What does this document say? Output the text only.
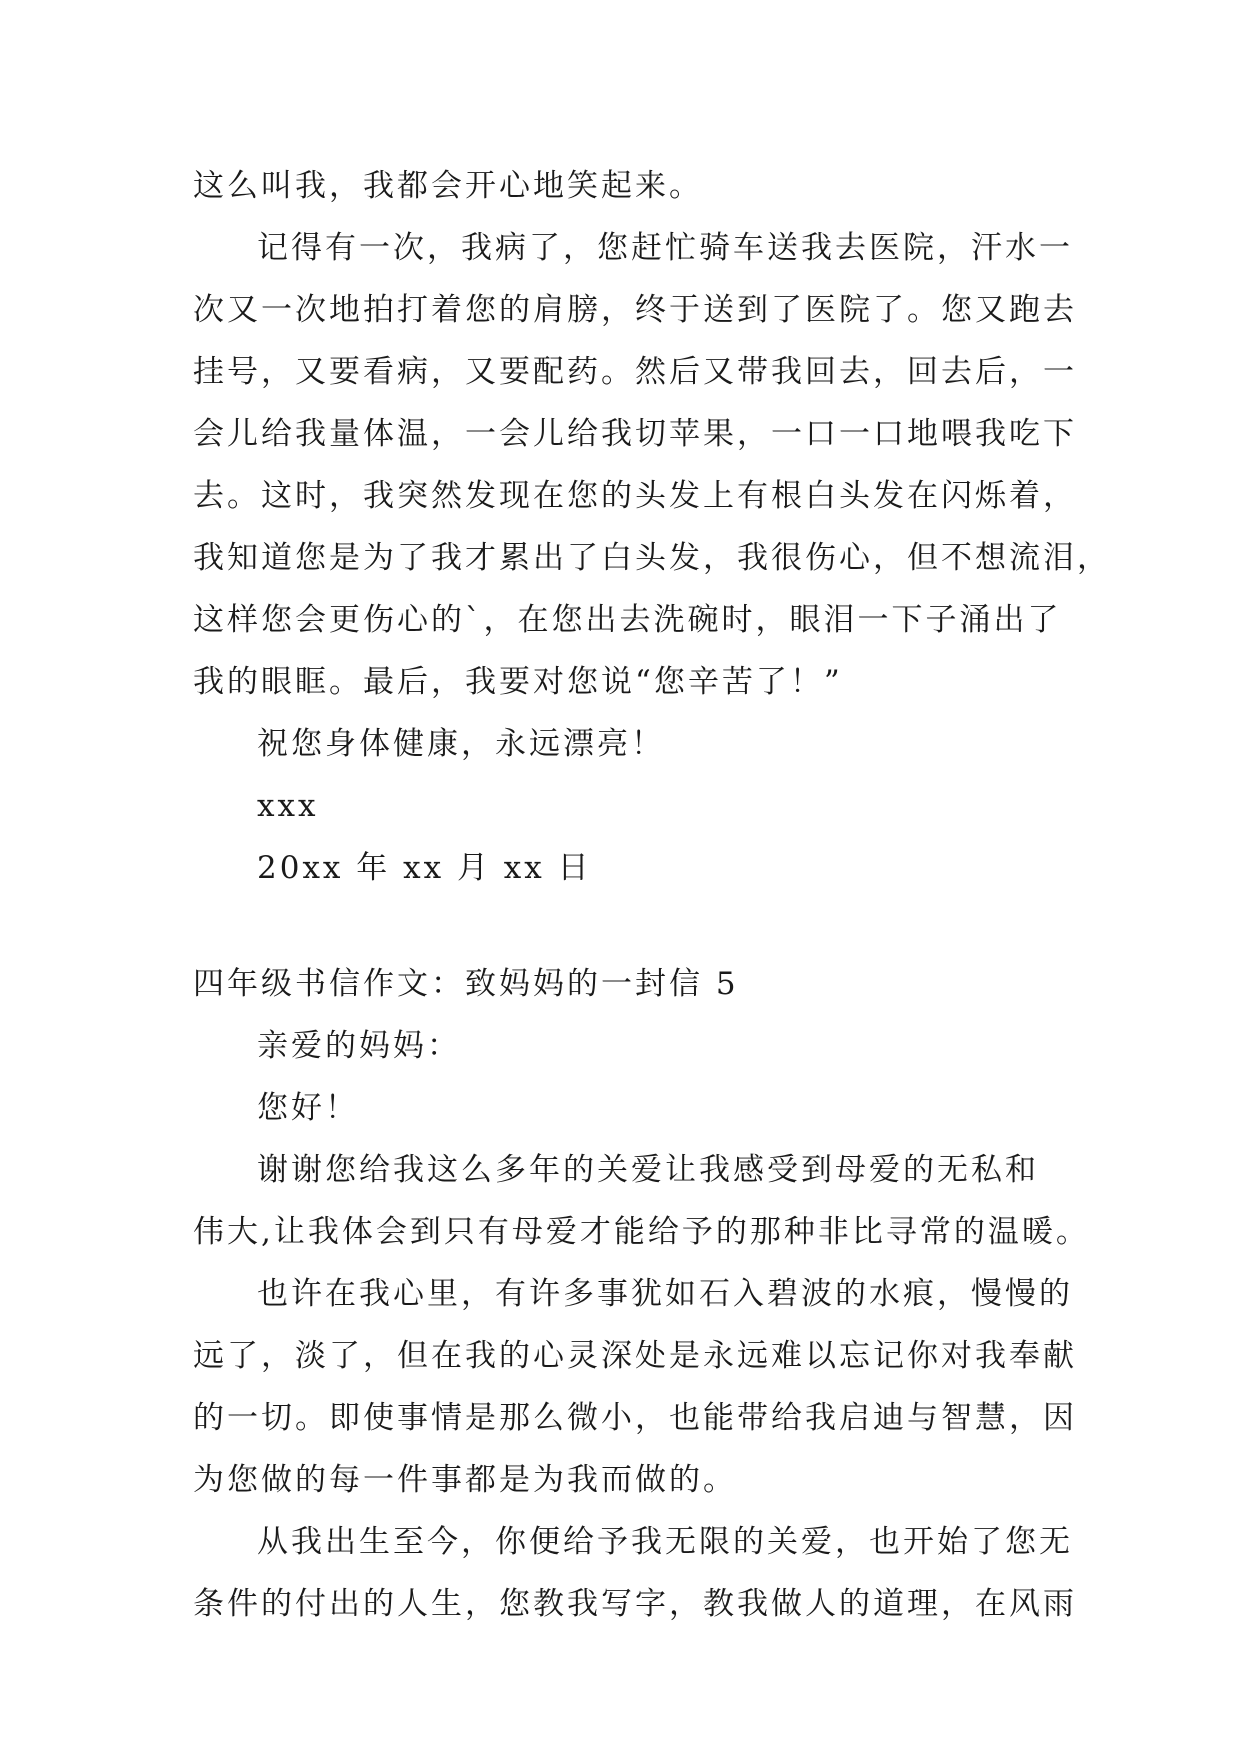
这么叫我，我都会开心地笑起来。
记得有一次，我病了，您赶忙骑车送我去医院，汗水一
次又一次地拍打着您的肩膀，终于送到了医院了。您又跑去
挂号，又要看病，又要配药。然后又带我回去，回去后，一
会儿给我量体温，一会儿给我切苹果，一口一口地喂我吃下
去。这时，我突然发现在您的头发上有根白头发在闪烁着，
我知道您是为了我才累出了白头发，我很伤心，但不想流泪，
这样您会更伤心的`，在您出去洗碗时，眼泪一下子涌出了
我的眼眶。最后，我要对您说“您辛苦了！”
祝您身体健康，永远漂亮！
xxx
20xx 年 xx 月 xx 日
四年级书信作文：致妈妈的一封信 5
亲爱的妈妈：
您好！
谢谢您给我这么多年的关爱让我感受到母爱的无私和
伟大,让我体会到只有母爱才能给予的那种非比寻常的温暖。
也许在我心里，有许多事犹如石入碧波的水痕，慢慢的
远了，淡了，但在我的心灵深处是永远难以忘记你对我奉献
的一切。即使事情是那么微小，也能带给我启迪与智慧，因
为您做的每一件事都是为我而做的。
从我出生至今，你便给予我无限的关爱，也开始了您无
条件的付出的人生，您教我写字，教我做人的道理，在风雨
